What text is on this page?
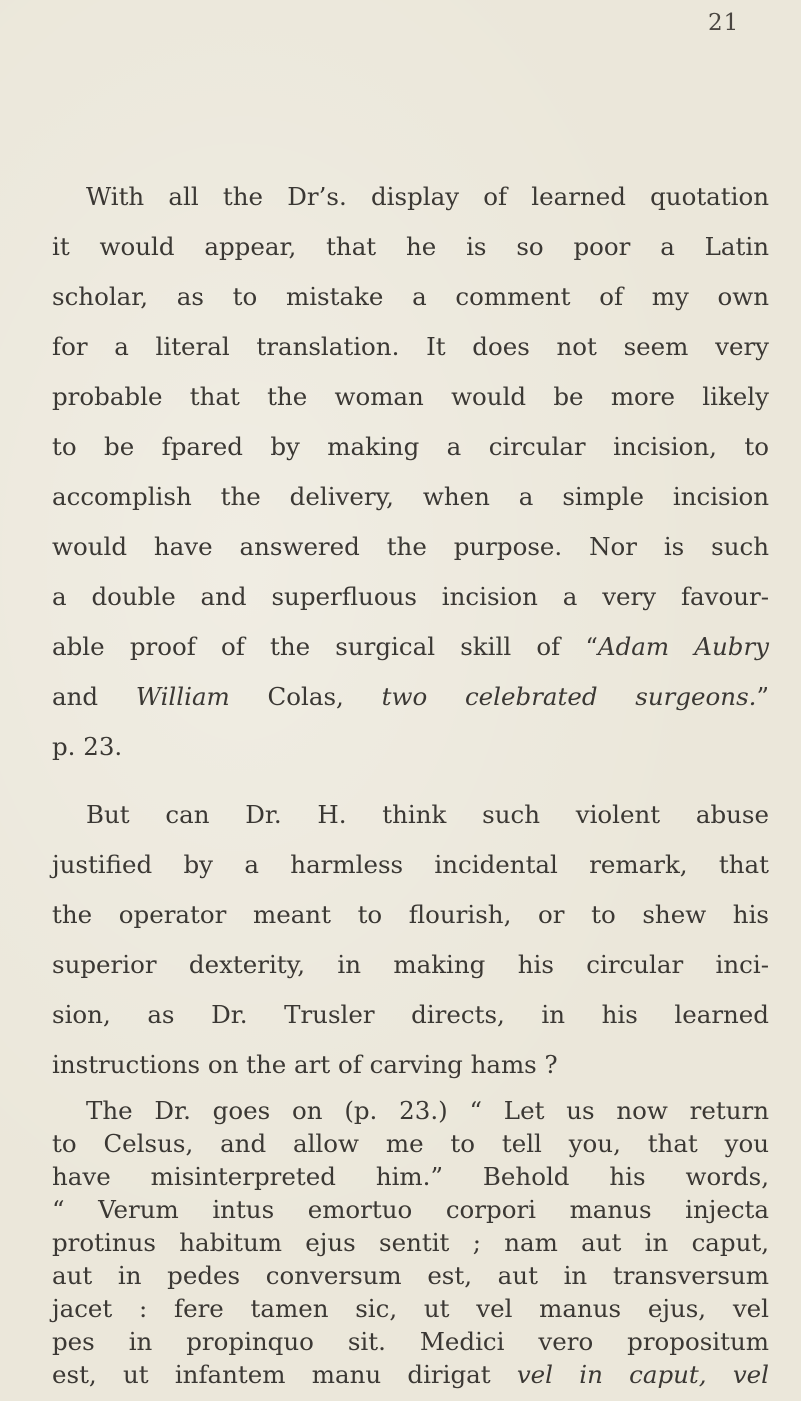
21
With all the Dr’s. display of learned quotation
it would appear, that he is so poor a Latin
scholar, as to mistake a comment of my own
for a literal translation. It does not seem very
probable that the woman would be more likely
to be fpared by making a circular incision, to
accomplish the delivery, when a simple incision
would have answered the purpose. Nor is such
a double and superfluous incision a very favour-
able proof of the surgical skill of “Adam Aubry
and William Colas, two celebrated surgeons.”
p. 23.
But can Dr. H. think such violent abuse
justified by a harmless incidental remark, that
the operator meant to flourish, or to shew his
superior dexterity, in making his circular inci-
sion, as Dr. Trusler directs, in his learned
instructions on the art of carving hams ?
The Dr. goes on (p. 23.) “ Let us now return
to Celsus, and allow me to tell you, that you
have misinterpreted him.” Behold his words,
“ Verum intus emortuo corpori manus injecta
protinus habitum ejus sentit ; nam aut in caput,
aut in pedes conversum est, aut in transversum
jacet : fere tamen sic, ut vel manus ejus, vel
pes in propinquo sit. Medici vero propositum
est, ut infantem manu dirigat vel in caput, vel
